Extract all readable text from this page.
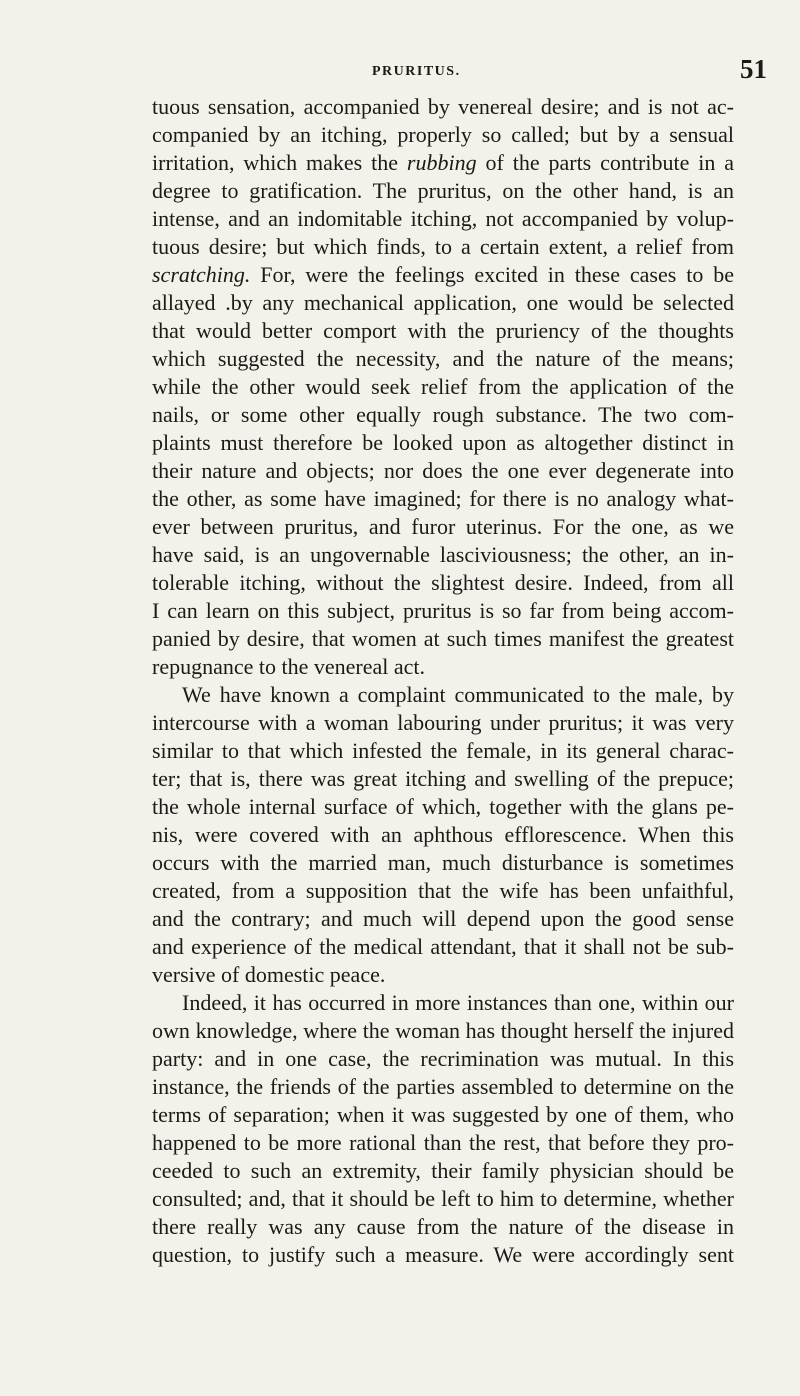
PRURITUS.	51
tuous sensation, accompanied by venereal desire; and is not ac-
companied by an itching, properly so called; but by a sensual
irritation, which makes the rubbing of the parts contribute in a
degree to gratification. The pruritus, on the other hand, is an
intense, and an indomitable itching, not accompanied by volup-
tuous desire; but which finds, to a certain extent, a relief from
scratching. For, were the feelings excited in these cases to be
allayed .by any mechanical application, one would be selected
that would better comport with the pruriency of the thoughts
which suggested the necessity, and the nature of the means;
while the other would seek relief from the application of the
nails, or some other equally rough substance. The two com-
plaints must therefore be looked upon as altogether distinct in
their nature and objects; nor does the one ever degenerate into
the other, as some have imagined; for there is no analogy what-
ever between pruritus, and furor uterinus. For the one, as we
have said, is an ungovernable lasciviousness; the other, an in-
tolerable itching, without the slightest desire. Indeed, from all
I can learn on this subject, pruritus is so far from being accom-
panied by desire, that women at such times manifest the greatest
repugnance to the venereal act.
We have known a complaint communicated to the male, by
intercourse with a woman labouring under pruritus; it was very
similar to that which infested the female, in its general charac-
ter; that is, there was great itching and swelling of the prepuce;
the whole internal surface of which, together with the glans pe-
nis, were covered with an aphthous efflorescence. When this
occurs with the married man, much disturbance is sometimes
created, from a supposition that the wife has been unfaithful,
and the contrary; and much will depend upon the good sense
and experience of the medical attendant, that it shall not be sub-
versive of domestic peace.
Indeed, it has occurred in more instances than one, within our
own knowledge, where the woman has thought herself the injured
party: and in one case, the recrimination was mutual. In this
instance, the friends of the parties assembled to determine on the
terms of separation; when it was suggested by one of them, who
happened to be more rational than the rest, that before they pro-
ceeded to such an extremity, their family physician should be
consulted; and, that it should be left to him to determine, whether
there really was any cause from the nature of the disease in
question, to justify such a measure. We were accordingly sent
